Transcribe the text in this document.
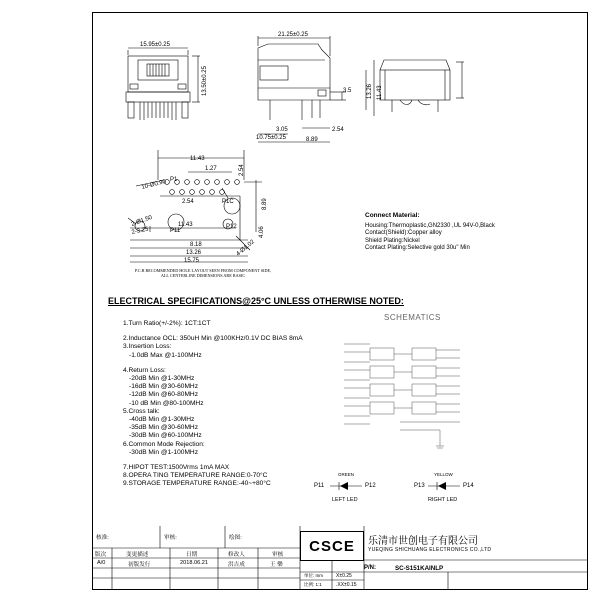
15.95±0.25
21.25±0.25
13.50±0.25	3.5
3.05	2.54
10.75±0.25	8.89
13.26 11.43
11.43
1.27	2.54
10-Ø0.90
2.54
P1
P1C
P11
P12
8.89
2-Ø1.50
2-3.25
11.43
4.06
8.18
13.26
15.75
4-Ø1.02
P.C.B RECOMMENDED HOLE LAYOUT SEEN FROM COMPONENT SIDE,
ALL CENTERLINE DIMENSIONS ARE BASIC
Connect Material:
Housing:Thermoplastic,GN2330 ,UL 94V-0,Black
Contact(Shield):Copper alloy
Shield Plating:Nickel
Contact Plating:Selective gold 30u" Min
ELECTRICAL SPECIFICATIONS@25°C UNLESS OTHERWISE NOTED:
1.Turn Ratio(+/-2%): 1CT:1CT
2.Inductance OCL: 350uH Min @100KHz/0.1V DC BIAS 8mA
3.Insertion Loss:
-1.0dB Max @1-100MHz
4.Return Loss:
-20dB Min @1-30MHz
-16dB Min @30-60MHz
-12dB Min @60-80MHz
-10 dB Min @80-100MHz
5.Cross talk:
-40dB Min @1-30MHz
-35dB Min @30-60MHz
-30dB Min @60-100MHz
6.Common Mode Rejection:
-30dB Min @1-100MHz
7.HIPOT TEST:1500Vrms 1mA MAX
8.OPERA TING TEMPERATURE RANGE:0-70°C
9.STORAGE TEMPERATURE RANGE:-40~+80°C
SCHEMATICS
GREEN	YELLOW
P11	P12	P13	P14
LEFT LED	RIGHT LED
核准:	审核:	绘图:
版次	变更描述	日期	修改人	审核
A/0	初版发行	2018.06.21	洪吉成	王 樂
CSCE	乐清市世创电子有限公司
YUEQING SHICHUANG ELECTRONICS CO.,LTD
单位: mm
比例: 1:1
X±0.25
.XX±0.15
P/N:	SC-S151KAINLP
